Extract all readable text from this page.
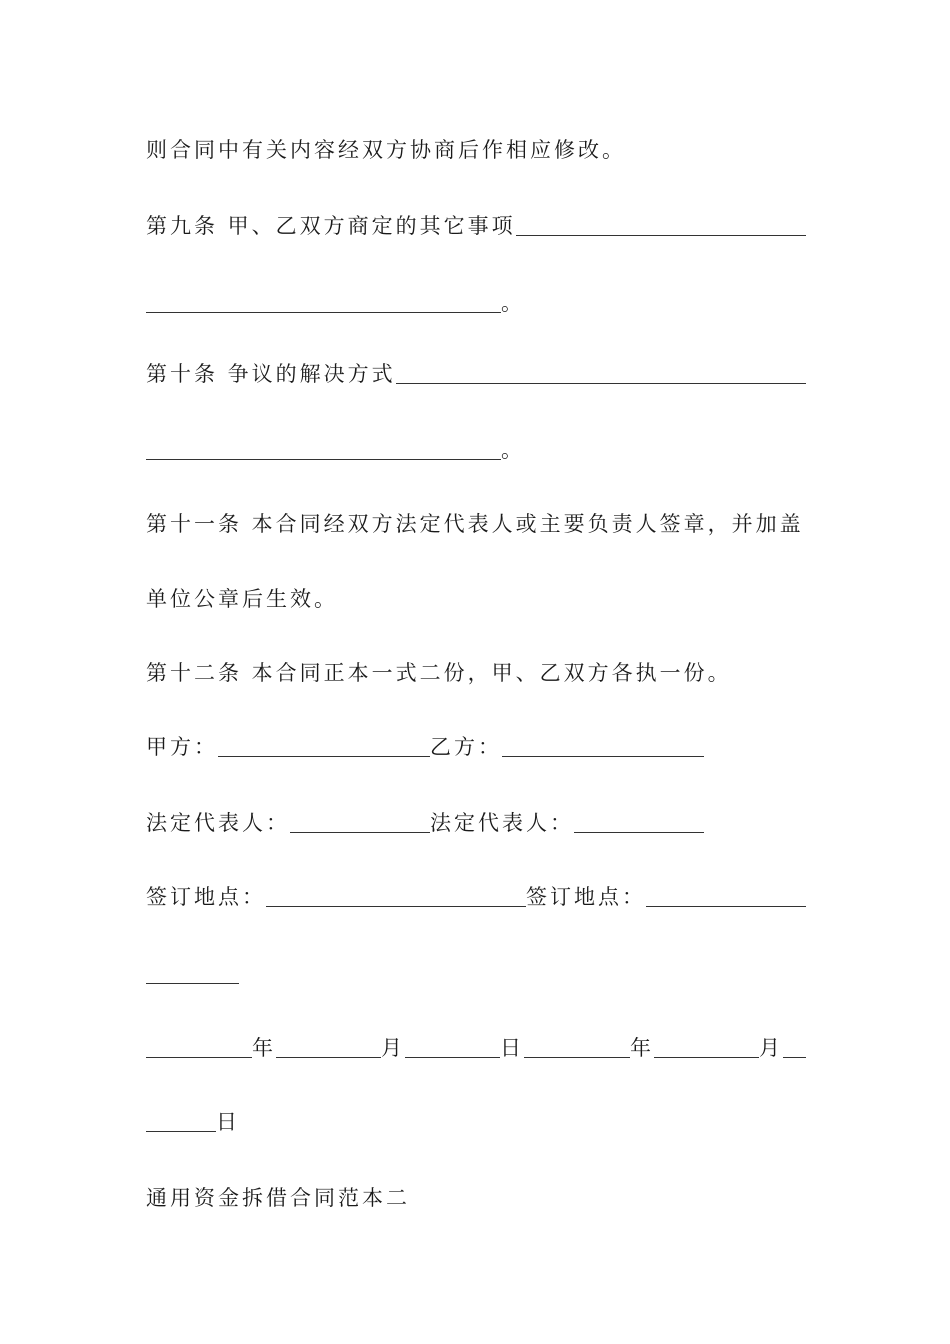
则合同中有关内容经双方协商后作相应修改。
第九条 甲、乙双方商定的其它事项
。
第十条 争议的解决方式
。
第十一条 本合同经双方法定代表人或主要负责人签章，并加盖
单位公章后生效。
第十二条 本合同正本一式二份，甲、乙双方各执一份。
甲方：	乙方：
法定代表人：	法定代表人：
签订地点：	签订地点：
年	月	日	年	月
日
通用资金拆借合同范本二
